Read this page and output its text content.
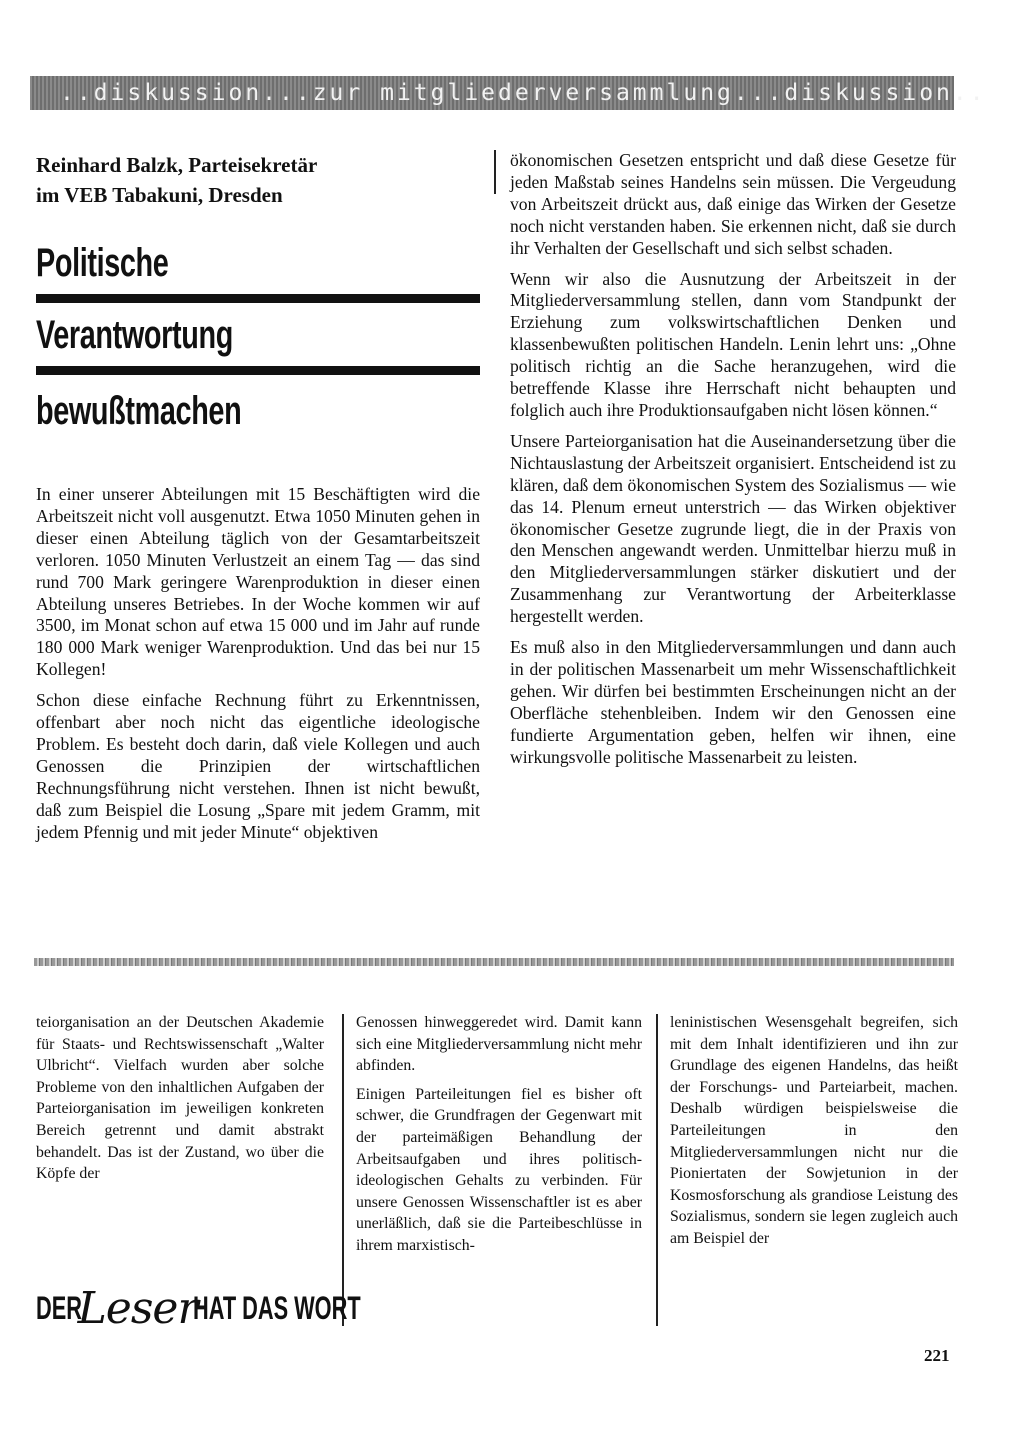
..diskussion...zur mitgliederversammlung...diskussion..
Reinhard Balzk, Parteisekretär
im VEB Tabakuni, Dresden
Politische
Verantwortung
bewußtmachen

In einer unserer Abteilungen mit 15 Beschäftigten wird die Arbeitszeit nicht voll ausgenutzt. Etwa 1050 Minuten gehen in dieser einen Abteilung täglich von der Gesamtarbeitszeit verloren. 1050 Minuten Verlustzeit an einem Tag — das sind rund 700 Mark geringere Warenproduktion in dieser einen Abteilung unseres Betriebes. In der Woche kommen wir auf 3500, im Monat schon auf etwa 15 000 und im Jahr auf runde 180 000 Mark weniger Warenproduktion. Und das bei nur 15 Kollegen!

Schon diese einfache Rechnung führt zu Erkenntnissen, offenbart aber noch nicht das eigentliche ideologische Problem. Es besteht doch darin, daß viele Kollegen und auch Genossen die Prinzipien der wirtschaftlichen Rechnungsführung nicht verstehen. Ihnen ist nicht bewußt, daß zum Beispiel die Losung „Spare mit jedem Gramm, mit jedem Pfennig und mit jeder Minute“ objektiven

ökonomischen Gesetzen entspricht und daß diese Gesetze für jeden Maßstab seines Handelns sein müssen. Die Vergeudung von Arbeitszeit drückt aus, daß einige das Wirken der Gesetze noch nicht verstanden haben. Sie erkennen nicht, daß sie durch ihr Verhalten der Gesellschaft und sich selbst schaden.

Wenn wir also die Ausnutzung der Arbeitszeit in der Mitgliederversammlung stellen, dann vom Standpunkt der Erziehung zum volkswirtschaftlichen Denken und klassenbewußten politischen Handeln. Lenin lehrt uns: „Ohne politisch richtig an die Sache heranzugehen, wird die betreffende Klasse ihre Herrschaft nicht behaupten und folglich auch ihre Produktionsaufgaben nicht lösen können.“

Unsere Parteiorganisation hat die Auseinandersetzung über die Nichtauslastung der Arbeitszeit organisiert. Entscheidend ist zu klären, daß dem ökonomischen System des Sozialismus — wie das 14. Plenum erneut unterstrich — das Wirken objektiver ökonomischer Gesetze zugrunde liegt, die in der Praxis von den Menschen angewandt werden. Unmittelbar hierzu muß in den Mitgliederversammlungen stärker diskutiert und der Zusammenhang zur Verantwortung der Arbeiterklasse hergestellt werden.

Es muß also in den Mitgliederversammlungen und dann auch in der politischen Massenarbeit um mehr Wissenschaftlichkeit gehen. Wir dürfen bei bestimmten Erscheinungen nicht an der Oberfläche stehenbleiben. Indem wir den Genossen eine fundierte Argumentation geben, helfen wir ihnen, eine wirkungsvolle politische Massenarbeit zu leisten.

teiorganisation an der Deutschen Akademie für Staats- und Rechtswissenschaft „Walter Ulbricht“. Vielfach wurden aber solche Probleme von den inhaltlichen Aufgaben der Parteiorganisation im jeweiligen konkreten Bereich getrennt und damit abstrakt behandelt. Das ist der Zustand, wo über die Köpfe der

Genossen hinweggeredet wird. Damit kann sich eine Mitgliederversammlung nicht mehr abfinden.

Einigen Parteileitungen fiel es bisher oft schwer, die Grundfragen der Gegenwart mit der parteimäßigen Behandlung der Arbeitsaufgaben und ihres politisch-ideologischen Gehalts zu verbinden. Für unsere Genossen Wissenschaftler ist es aber unerläßlich, daß sie die Parteibeschlüsse in ihrem marxistisch-

leninistischen Wesensgehalt begreifen, sich mit dem Inhalt identifizieren und ihn zur Grundlage des eigenen Handelns, das heißt der Forschungs- und Parteiarbeit, machen. Deshalb würdigen beispielsweise die Parteileitungen in den Mitgliederversammlungen nicht nur die Pioniertaten der Sowjetunion in der Kosmosforschung als grandiose Leistung des Sozialismus, sondern sie legen zugleich auch am Beispiel der

DER
Leser
HAT DAS WORT
221
